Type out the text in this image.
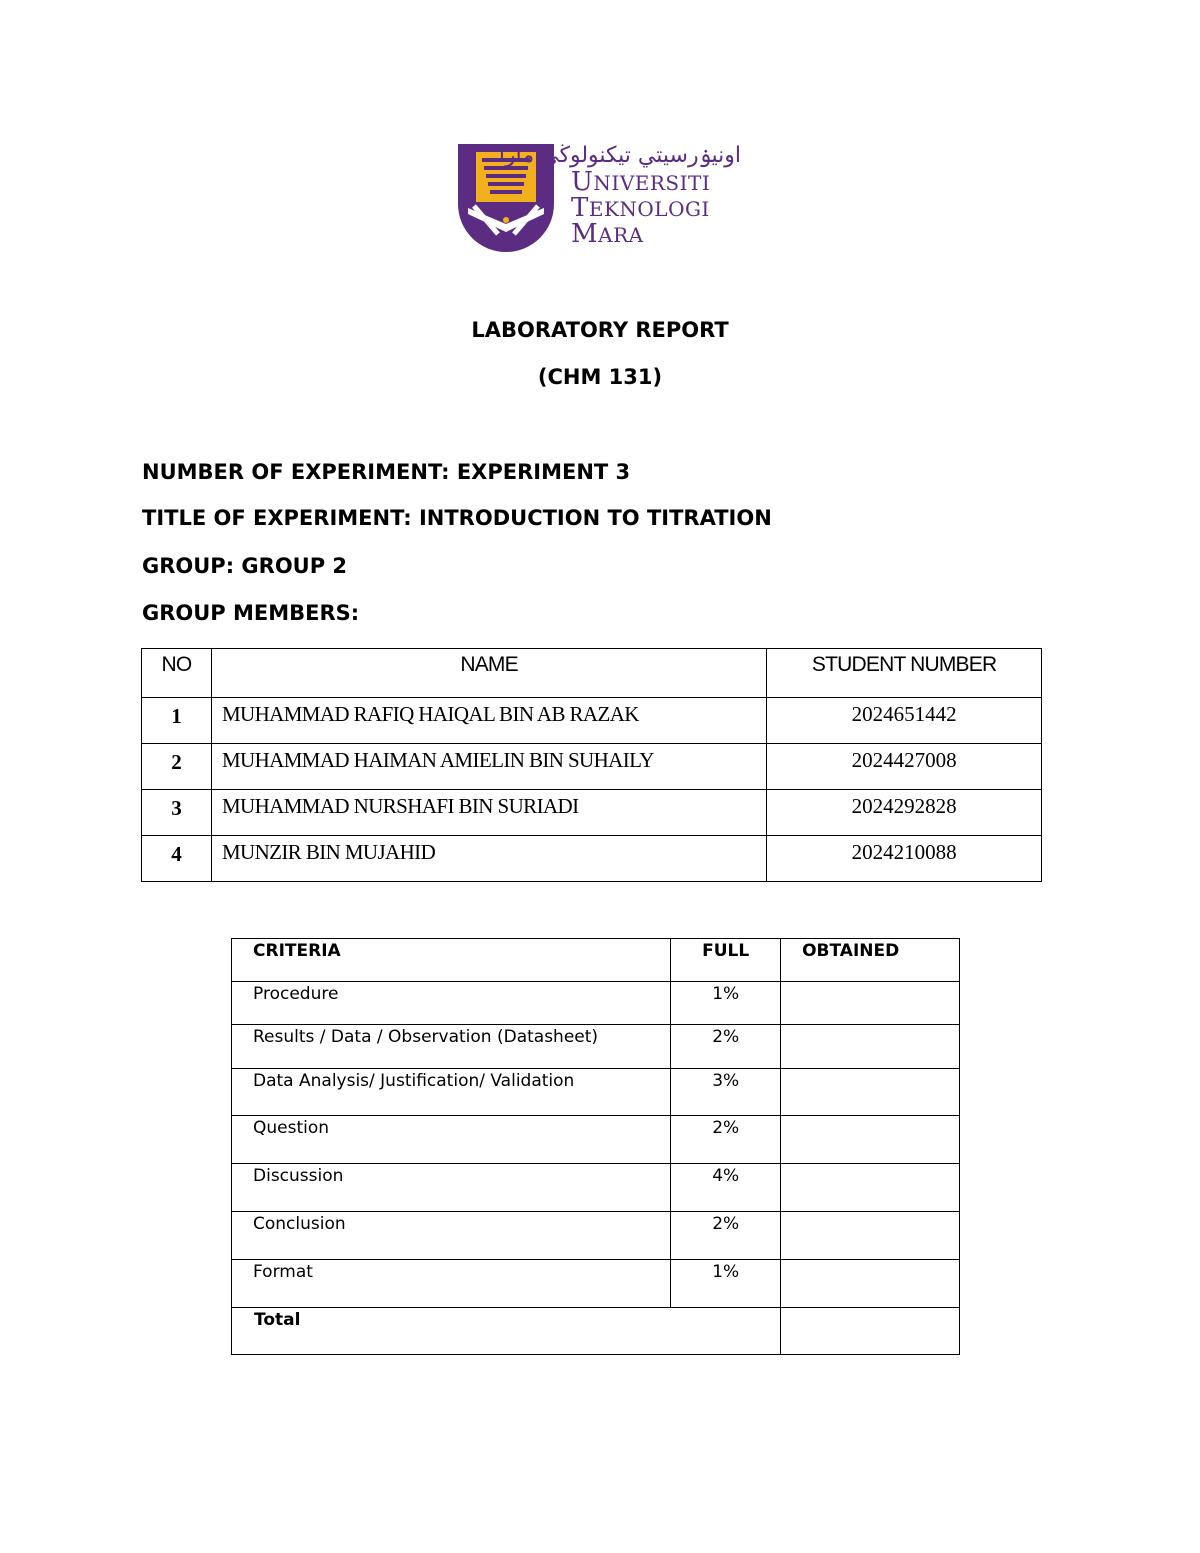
اونيۏرسيتي تيكنولوڬي مارا
UNIVERSITI
TEKNOLOGI
MARA
LABORATORY REPORT
(CHM 131)
NUMBER OF EXPERIMENT: EXPERIMENT 3
TITLE OF EXPERIMENT: INTRODUCTION TO TITRATION
GROUP: GROUP 2
GROUP MEMBERS:
NO	NAME	STUDENT NUMBER
1	MUHAMMAD RAFIQ HAIQAL BIN AB RAZAK	2024651442
2	MUHAMMAD HAIMAN AMIELIN BIN SUHAILY	2024427008
3	MUHAMMAD NURSHAFI BIN SURIADI	2024292828
4	MUNZIR BIN MUJAHID	2024210088
CRITERIA	FULL	OBTAINED
Procedure	1%	
Results / Data / Observation (Datasheet)	2%	
Data Analysis/ Justification/ Validation	3%	
Question	2%	
Discussion	4%	
Conclusion	2%	
Format	1%	
Total		
